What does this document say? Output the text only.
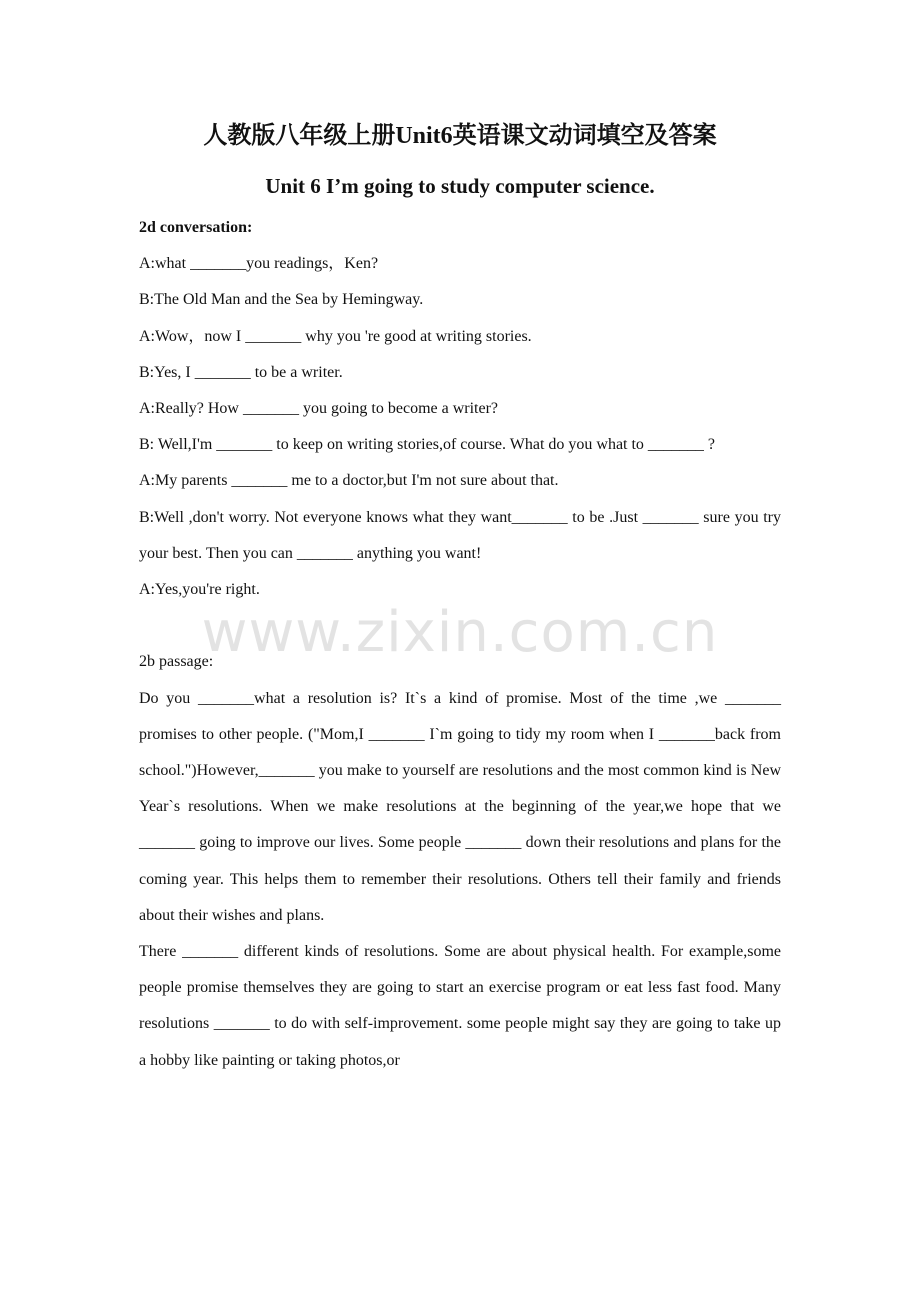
人教版八年级上册Unit6英语课文动词填空及答案
Unit 6 I’m going to study computer science.

2d conversation:

A:what _______you readings，Ken?

B:The Old Man and the Sea by Hemingway.

A:Wow，now I _______ why you 're good at writing stories.

B:Yes, I _______ to be a writer.

A:Really? How _______ you going to become a writer?

B: Well,I'm _______ to keep on writing stories,of course. What do you what to _______ ?

A:My parents _______ me to a doctor,but I'm not sure about that.

B:Well ,don't worry. Not everyone knows what they want_______ to be .Just _______ sure you try your best. Then you can _______ anything you want!

A:Yes,you're right.

2b passage:

Do you _______what a resolution is? It`s a kind of promise. Most of the time ,we _______ promises to other people. ("Mom,I _______ I`m going to tidy my room when I _______back from school.")However,_______ you make to yourself are resolutions and the most common kind is New Year`s resolutions. When we make resolutions at the beginning of the year,we hope that we _______ going to improve our lives. Some people _______ down their resolutions and plans for the coming year. This helps them to remember their resolutions. Others tell their family and friends about their wishes and plans.

There _______ different kinds of resolutions. Some are about physical health. For example,some people promise themselves they are going to start an exercise program or eat less fast food. Many resolutions _______ to do with self-improvement. some people might say they are going to take up a hobby like painting or taking photos,or

www.zixin.com.cn
